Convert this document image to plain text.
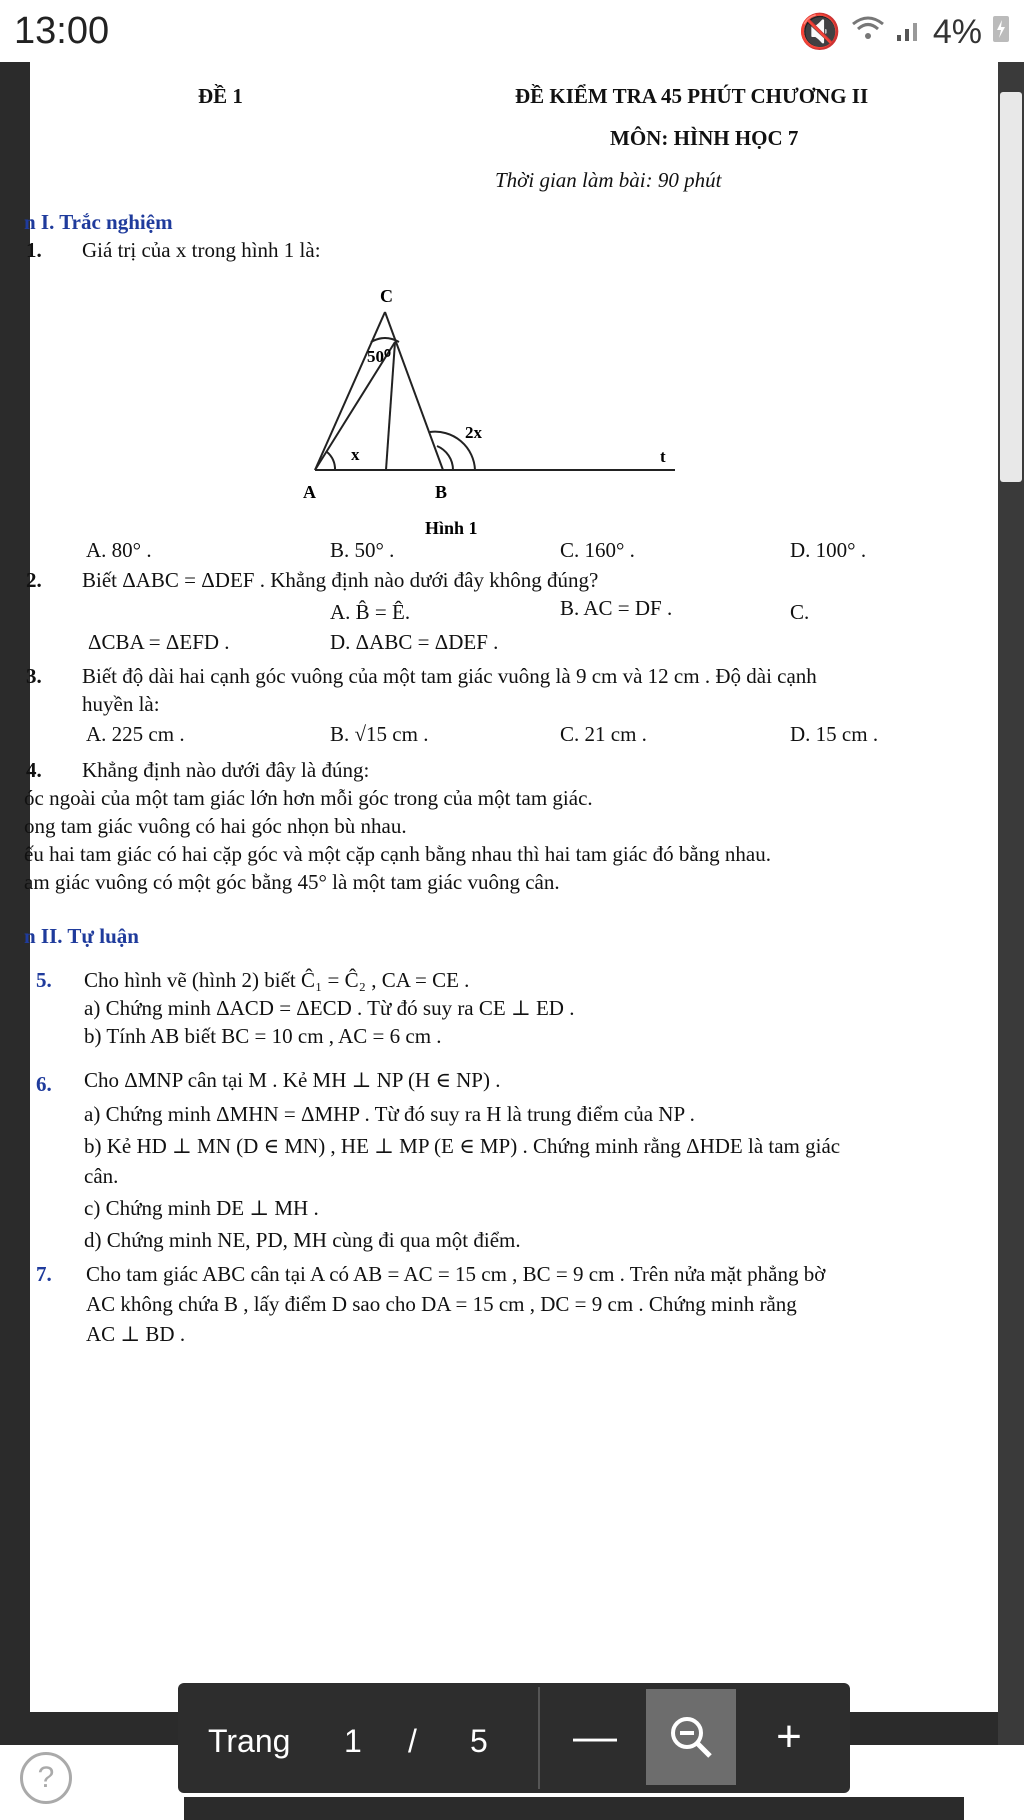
13:00	🔇	4%
ĐỀ 1	ĐỀ KIỂM TRA 45 PHÚT CHƯƠNG II
MÔN: HÌNH HỌC 7
Thời gian làm bài: 90 phút
n I. Trắc nghiệm
1. Giá trị của x trong hình 1 là:
C
50⁰
2x
x	t
A	B
Hình 1
A. 80° .	B. 50° .	C. 160° .	D. 100° .
2. Biết ΔABC = ΔDEF . Khẳng định nào dưới đây không đúng?
A. B̂ = Ê.	B. AC = DF .	C.
ΔCBA = ΔEFD .	D. ΔABC = ΔDEF .
3. Biết độ dài hai cạnh góc vuông của một tam giác vuông là 9 cm và 12 cm . Độ dài cạnh
huyền là:
A. 225 cm .	B. √15 cm .	C. 21 cm .	D. 15 cm .
4. Khẳng định nào dưới đây là đúng:
óc ngoài của một tam giác lớn hơn mỗi góc trong của một tam giác.
ong tam giác vuông có hai góc nhọn bù nhau.
ếu hai tam giác có hai cặp góc và một cặp cạnh bằng nhau thì hai tam giác đó bằng nhau.
am giác vuông có một góc bằng 45° là một tam giác vuông cân.
n II. Tự luận
5. Cho hình vẽ (hình 2) biết Ĉ₁ = Ĉ₂ , CA = CE .
a) Chứng minh ΔACD = ΔECD . Từ đó suy ra CE ⊥ ED .
b) Tính AB biết BC = 10 cm , AC = 6 cm .
6. Cho ΔMNP cân tại M . Kẻ MH ⊥ NP (H ∈ NP) .
a) Chứng minh ΔMHN = ΔMHP . Từ đó suy ra H là trung điểm của NP .
b) Kẻ HD ⊥ MN (D ∈ MN) , HE ⊥ MP (E ∈ MP) . Chứng minh rằng ΔHDE là tam giác
cân.
c) Chứng minh DE ⊥ MH .
d) Chứng minh NE, PD, MH cùng đi qua một điểm.
7. Cho tam giác ABC cân tại A có AB = AC = 15 cm , BC = 9 cm . Trên nửa mặt phẳng bờ
AC không chứa B , lấy điểm D sao cho DA = 15 cm , DC = 9 cm . Chứng minh rằng
AC ⊥ BD .
Trang 1 / 5	—	+
?
